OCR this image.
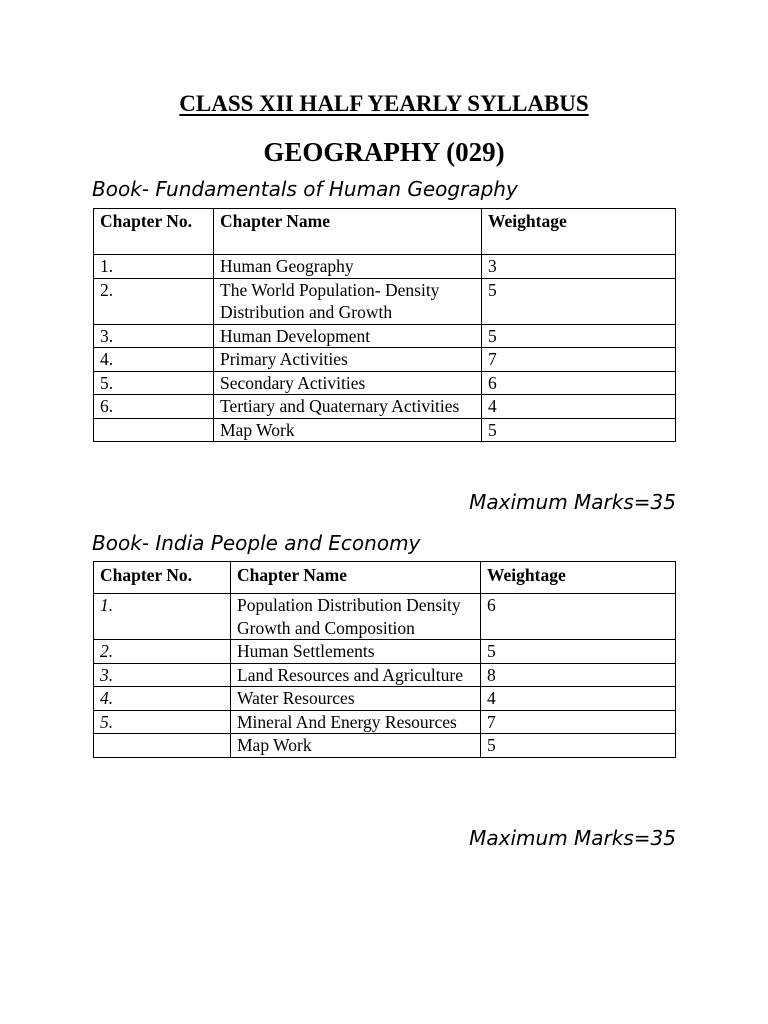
CLASS XII HALF YEARLY SYLLABUS
GEOGRAPHY (029)
Book- Fundamentals of Human Geography
Chapter No.	Chapter Name	Weightage
1.	Human Geography	3
2.	The World Population- Density Distribution and Growth	5
3.	Human Development	5
4.	Primary Activities	7
5.	Secondary Activities	6
6.	Tertiary and Quaternary Activities	4
	Map Work	5
Maximum Marks=35
Book- India People and Economy
Chapter No.	Chapter Name	Weightage
1.	Population Distribution Density Growth and Composition	6
2.	Human Settlements	5
3.	Land Resources and Agriculture	8
4.	Water Resources	4
5.	Mineral And Energy Resources	7
	Map Work	5
Maximum Marks=35
